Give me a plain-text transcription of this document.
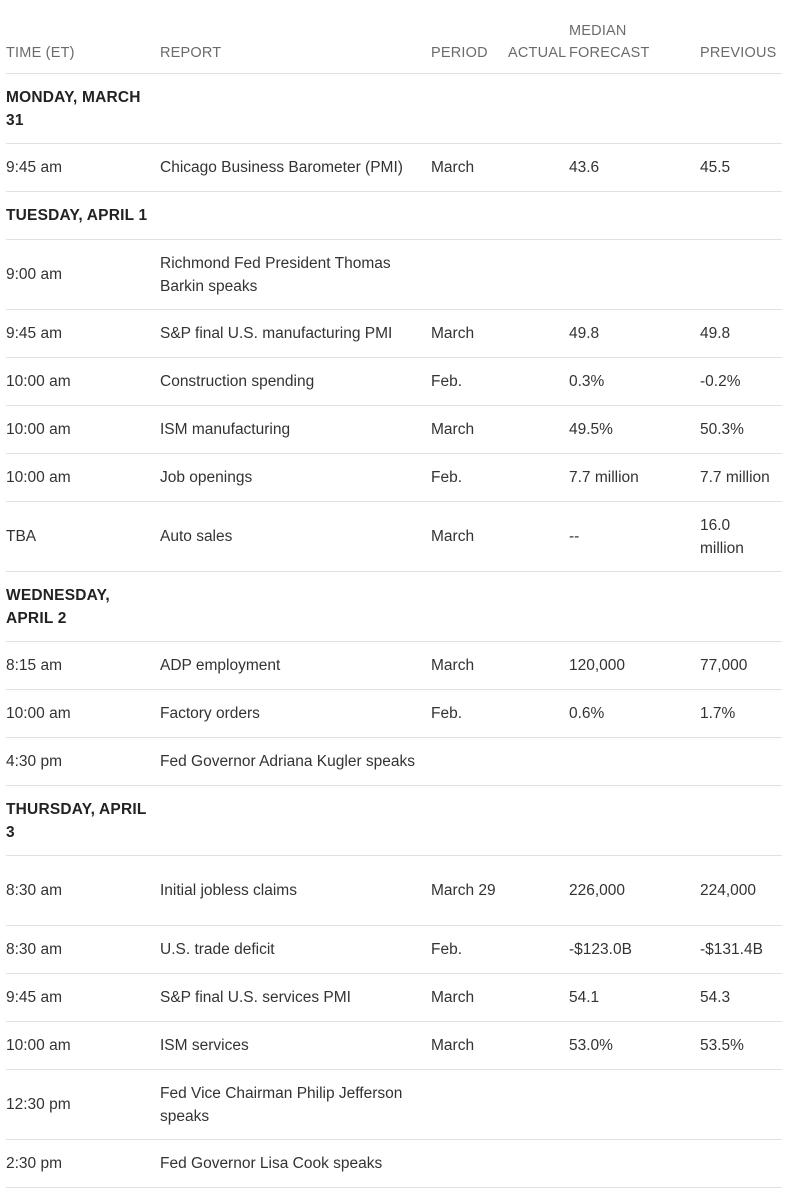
TIME (ET)	REPORT	PERIOD	ACTUAL	MEDIAN FORECAST	PREVIOUS

MONDAY, MARCH 31					

9:45 am	Chicago Business Barometer (PMI)	March		43.6	45.5

TUESDAY, APRIL 1					

9:00 am	Richmond Fed President Thomas Barkin speaks				
9:45 am	S&P final U.S. manufacturing PMI	March		49.8	49.8
10:00 am	Construction spending	Feb.		0.3%	-0.2%
10:00 am	ISM manufacturing	March		49.5%	50.3%
10:00 am	Job openings	Feb.		7.7 million	7.7 million
TBA	Auto sales	March		--	16.0 million

WEDNESDAY, APRIL 2					

8:15 am	ADP employment	March		120,000	77,000
10:00 am	Factory orders	Feb.		0.6%	1.7%
4:30 pm	Fed Governor Adriana Kugler speaks				

THURSDAY, APRIL 3					

8:30 am	Initial jobless claims	March 29		226,000	224,000
8:30 am	U.S. trade deficit	Feb.		-$123.0B	-$131.4B
9:45 am	S&P final U.S. services PMI	March		54.1	54.3
10:00 am	ISM services	March		53.0%	53.5%
12:30 pm	Fed Vice Chairman Philip Jefferson speaks				
2:30 pm	Fed Governor Lisa Cook speaks				
